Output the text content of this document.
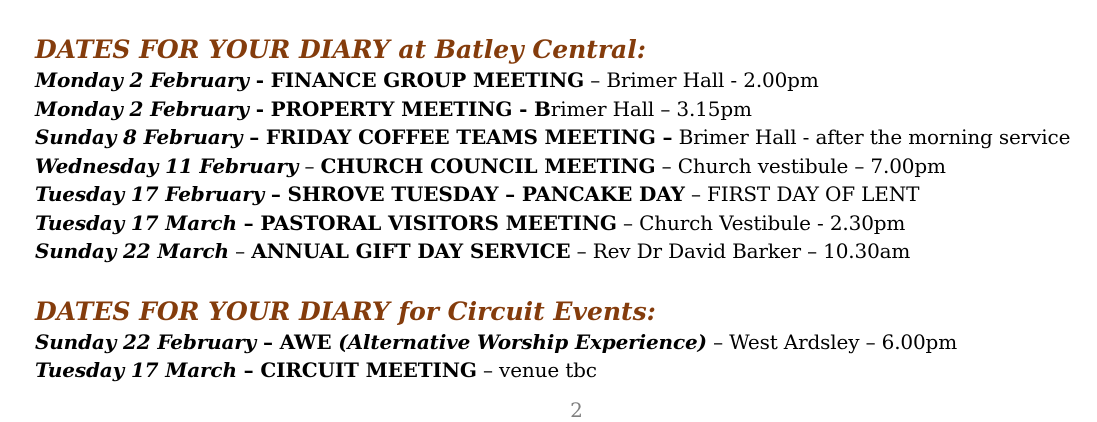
DATES FOR YOUR DIARY at Batley Central:
Monday 2 February - FINANCE GROUP MEETING – Brimer Hall - 2.00pm
Monday 2 February - PROPERTY MEETING - Brimer Hall – 3.15pm
Sunday 8 February – FRIDAY COFFEE TEAMS MEETING – Brimer Hall - after the morning service
Wednesday 11 February – CHURCH COUNCIL MEETING – Church vestibule – 7.00pm
Tuesday 17 February – SHROVE TUESDAY – PANCAKE DAY – FIRST DAY OF LENT
Tuesday 17 March – PASTORAL VISITORS MEETING – Church Vestibule - 2.30pm
Sunday 22 March – ANNUAL GIFT DAY SERVICE – Rev Dr David Barker – 10.30am
DATES FOR YOUR DIARY for Circuit Events:
Sunday 22 February – AWE (Alternative Worship Experience) – West Ardsley – 6.00pm
Tuesday 17 March – CIRCUIT MEETING – venue tbc
2
